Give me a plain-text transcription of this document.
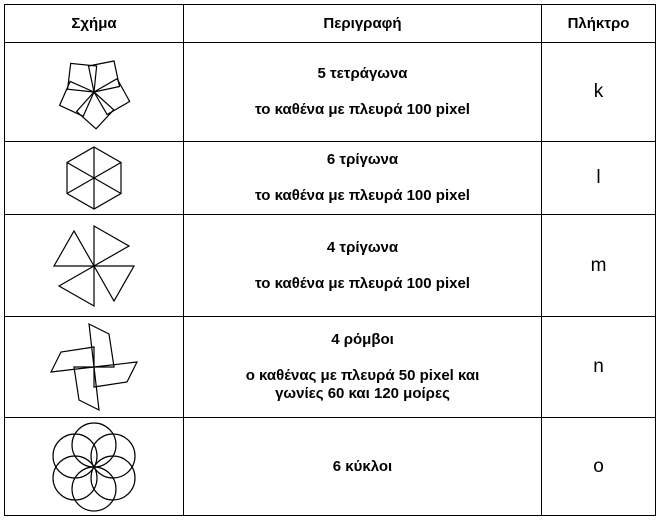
Σχήμα	Περιγραφή	Πλήκτρο

5 τετράγωνα
το καθένα με πλευρά 100 pixel	k

6 τρίγωνα
το καθένα με πλευρά 100 pixel	l

4 τρίγωνα
το καθένα με πλευρά 100 pixel	m

4 ρόμβοι
ο καθένας με πλευρά 50 pixel και
γωνίες 60 και 120 μοίρες	n

6 κύκλοι	o
